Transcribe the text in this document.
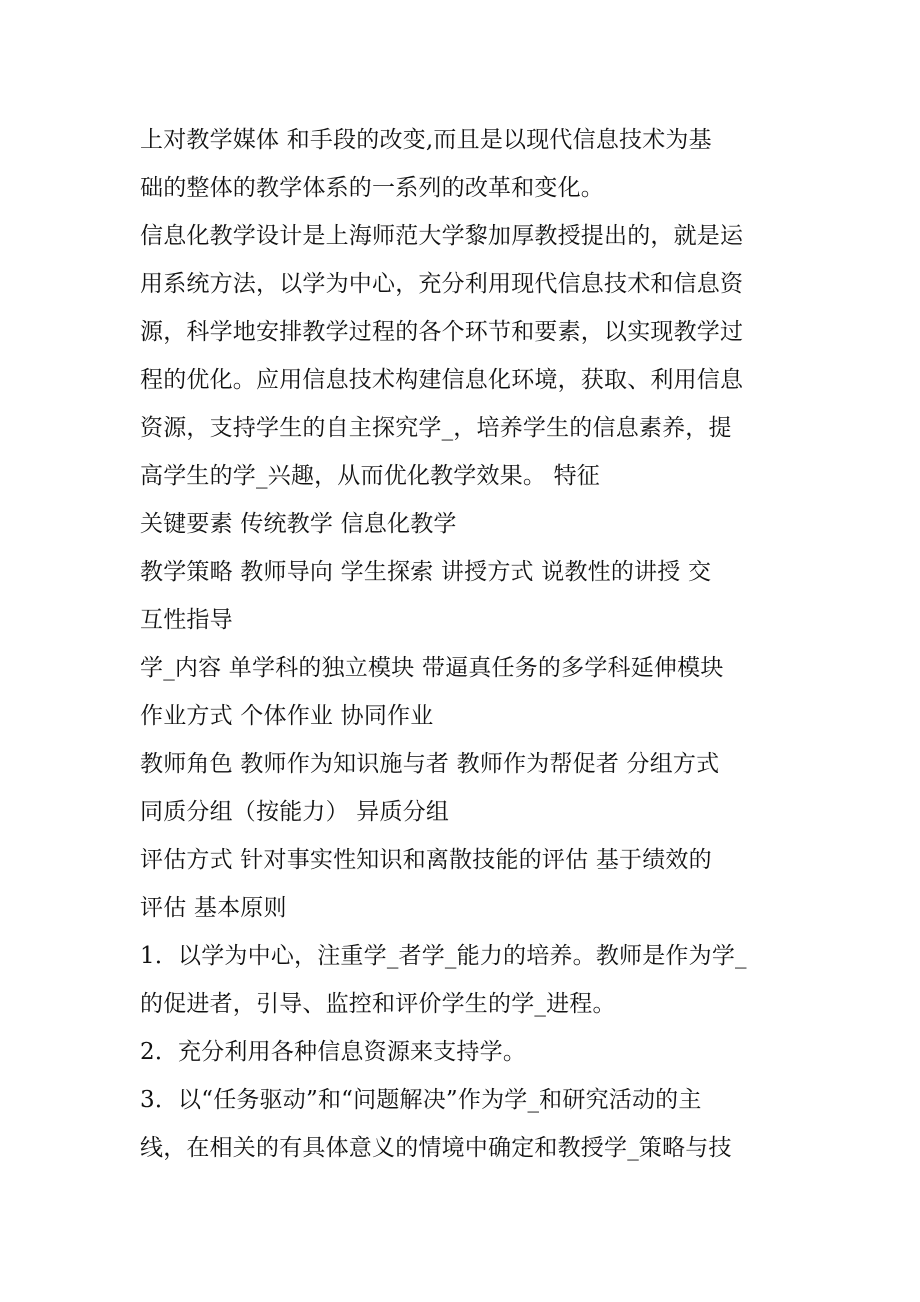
上对教学媒体 和手段的改变,而且是以现代信息技术为基
础的整体的教学体系的一系列的改革和变化。
信息化教学设计是上海师范大学黎加厚教授提出的，就是运
用系统方法，以学为中心，充分利用现代信息技术和信息资
源，科学地安排教学过程的各个环节和要素，以实现教学过
程的优化。应用信息技术构建信息化环境，获取、利用信息
资源，支持学生的自主探究学_，培养学生的信息素养，提
高学生的学_兴趣，从而优化教学效果。 特征
关键要素 传统教学 信息化教学
教学策略 教师导向 学生探索 讲授方式 说教性的讲授 交
互性指导
学_内容 单学科的独立模块 带逼真任务的多学科延伸模块
作业方式 个体作业 协同作业
教师角色 教师作为知识施与者 教师作为帮促者 分组方式
同质分组（按能力） 异质分组
评估方式 针对事实性知识和离散技能的评估 基于绩效的
评估 基本原则
1．以学为中心，注重学_者学_能力的培养。教师是作为学_
的促进者，引导、监控和评价学生的学_进程。
2．充分利用各种信息资源来支持学。
3．以“任务驱动”和“问题解决”作为学_和研究活动的主
线，在相关的有具体意义的情境中确定和教授学_策略与技
